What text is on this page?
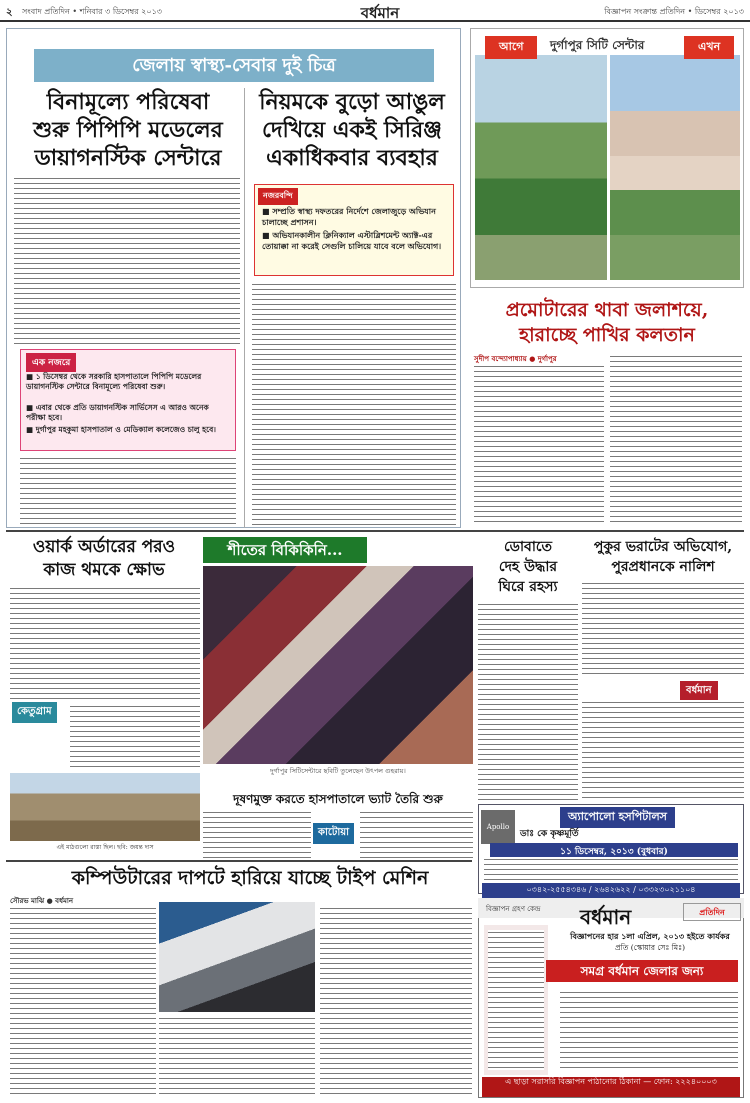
২ সংবাদ প্রতিদিন • শনিবার ৩ ডিসেম্বর ২০১৩	বর্ধমান	বিজ্ঞাপন সংক্রান্ত প্রতিদিন • ডিসেম্বর ২০১৩
জেলায় স্বাস্থ্য-সেবার দুই চিত্র
বিনামূল্যে পরিষেবা
শুরু পিপিপি মডেলের
ডায়াগনস্টিক সেন্টারে
নিয়মকে বুড়ো আঙুল
দেখিয়ে একই সিরিঞ্জ
একাধিকবার ব্যবহার
নজরবন্দি
■ সম্প্রতি স্বাস্থ্য দফতরের নির্দেশে জেলাজুড়ে অভিযান চালাচ্ছে প্রশাসন।
■ অভিযানকালীন ক্লিনিক্যাল এস্টাব্লিশমেন্ট অ্যাক্ট-এর তোয়াক্কা না করেই সেগুলি চালিয়ে যাবে বলে অভিযোগ।
এক নজরে
■ ১ ডিসেম্বর থেকে সরকারি হাসপাতালে পিপিপি মডেলের ডায়াগনস্টিক সেন্টারে বিনামূল্যে পরিষেবা শুরু।
■ এবার থেকে প্রতি ডায়াগনস্টিক সার্ভিসেস এ আরও অনেক পরীক্ষা হবে।
■ দুর্গাপুর মহকুমা হাসপাতাল ও মেডিক্যাল কলেজেও চালু হবে।
আগে	দুর্গাপুর সিটি সেন্টার	এখন
প্রমোটারের থাবা জলাশয়ে,
হারাচ্ছে পাখির কলতান
সুদীপ বন্দ্যোপাধ্যায় ● দুর্গাপুর
ওয়ার্ক অর্ডারের পরও
কাজ থমকে ক্ষোভ
কেতুগ্রাম
এই মাঠগুলো রাস্তা ছিল। ছবি: জয়ন্ত দাস
শীতের বিকিকিনি...
দুর্গাপুর সিটিসেন্টারে ছবিটি তুলেছেন উৎপল গুহরায়।
ডোবাতে
দেহ উদ্ধার
ঘিরে রহস্য
পুকুর ভরাটের অভিযোগ,
পুরপ্রধানকে নালিশ
বর্ধমান
দূষণমুক্ত করতে হাসপাতালে ভ্যাট তৈরি শুরু
কাটোয়া	Apollo
অ্যাপোলো হসপিটালস
ডাঃ কে কৃষ্ণমূর্তি
১১ ডিসেম্বর, ২০১৩ (বুধবার)
০৩৪২-২৫৫৪৩৪৬ / ২৬৪২৬২২ / ০৩৩২৩০২১১০৪
কম্পিউটারের দাপটে হারিয়ে যাচ্ছে টাইপ মেশিন
সৌরভ মাঝি ● বর্ধমান
বিজ্ঞাপন গ্রহণ কেন্দ্র বর্ধমান	প্রতিদিন
বিজ্ঞাপনের হার ১লা এপ্রিল, ২০১৩ হইতে কার্যকর
প্রতি (স্কোয়ার সেঃ মিঃ)
সমগ্র বর্ধমান জেলার জন্য
এ ছাড়া সরাসরি বিজ্ঞাপন পাঠানোর ঠিকানা — ফোন: ২২২৪০০০৩
